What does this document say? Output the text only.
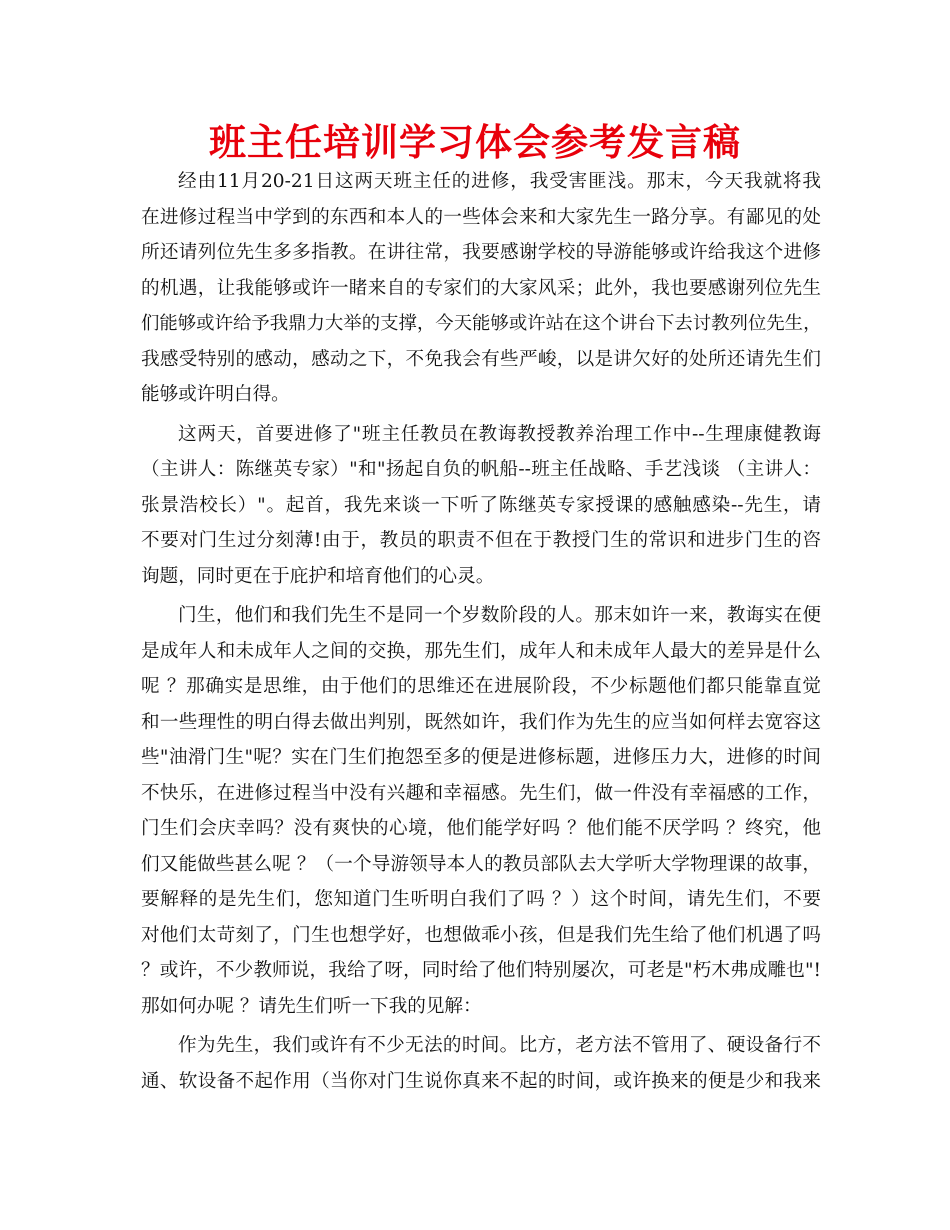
班主任培训学习体会参考发言稿
经由11月20-21日这两天班主任的进修，我受害匪浅。那末，今天我就将我
在进修过程当中学到的东西和本人的一些体会来和大家先生一路分享。有鄙见的处
所还请列位先生多多指教。在讲往常，我要感谢学校的导游能够或许给我这个进修
的机遇，让我能够或许一睹来自的专家们的大家风采；此外，我也要感谢列位先生
们能够或许给予我鼎力大举的支撑，今天能够或许站在这个讲台下去讨教列位先生，
我感受特别的感动，感动之下，不免我会有些严峻，以是讲欠好的处所还请先生们
能够或许明白得。
这两天，首要进修了"班主任教员在教诲教授教养治理工作中--生理康健教诲
（主讲人：陈继英专家）"和"扬起自负的帆船--班主任战略、手艺浅谈 （主讲人：
张景浩校长）"。起首，我先来谈一下听了陈继英专家授课的感触感染--先生，请
不要对门生过分刻薄!由于，教员的职责不但在于教授门生的常识和进步门生的咨
询题，同时更在于庇护和培育他们的心灵。
门生，他们和我们先生不是同一个岁数阶段的人。那末如许一来，教诲实在便
是成年人和未成年人之间的交换，那先生们，成年人和未成年人最大的差异是什么
呢 ？那确实是思维，由于他们的思维还在进展阶段，不少标题他们都只能靠直觉
和一些理性的明白得去做出判别，既然如许，我们作为先生的应当如何样去宽容这
些"油滑门生"呢？实在门生们抱怨至多的便是进修标题，进修压力大，进修的时间
不快乐，在进修过程当中没有兴趣和幸福感。先生们，做一件没有幸福感的工作，
门生们会庆幸吗？没有爽快的心境，他们能学好吗 ？他们能不厌学吗 ？终究，他
们又能做些甚么呢 ？（一个导游领导本人的教员部队去大学听大学物理课的故事，
要解释的是先生们，您知道门生听明白我们了吗 ？）这个时间，请先生们，不要
对他们太苛刻了，门生也想学好，也想做乖小孩，但是我们先生给了他们机遇了吗
？或许，不少教师说，我给了呀，同时给了他们特别屡次，可老是"朽木弗成雕也"!
那如何办呢 ？请先生们听一下我的见解：
作为先生，我们或许有不少无法的时间。比方，老方法不管用了、硬设备行不
通、软设备不起作用（当你对门生说你真来不起的时间，或许换来的便是少和我来
